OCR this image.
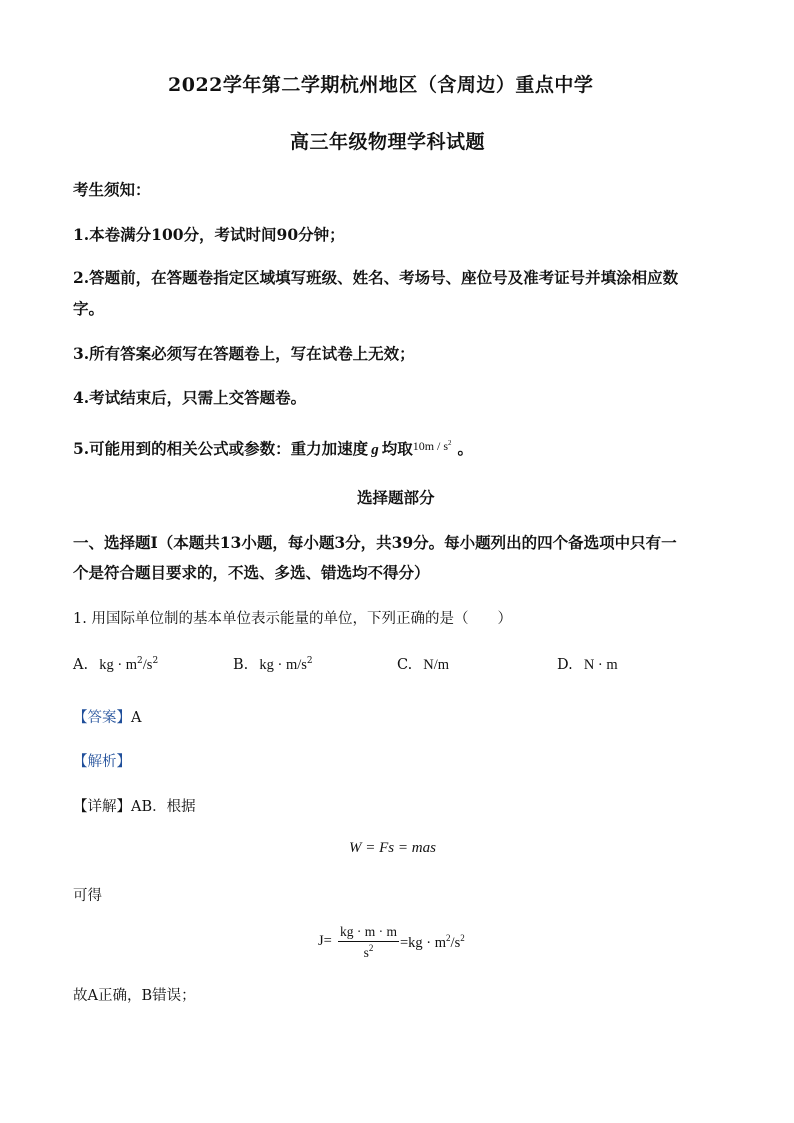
2022学年第二学期杭州地区（含周边）重点中学
高三年级物理学科试题
考生须知：
1.本卷满分100分，考试时间90分钟；
2.答题前，在答题卷指定区域填写班级、姓名、考场号、座位号及准考证号并填涂相应数
字。
3.所有答案必须写在答题卷上，写在试卷上无效；
4.考试结束后，只需上交答题卷。
5.可能用到的相关公式或参数：重力加速度 g 均取$^{10m / s^2}$ 。
选择题部分
一、选择题Ⅰ（本题共13小题，每小题3分，共39分。每小题列出的四个备选项中只有一
个是符合题目要求的，不选、多选、错选均不得分）
1. 用国际单位制的基本单位表示能量的单位，下列正确的是（　　）
A. kg · $m^2/s^2$	B. kg · $m/s^2$	C. N/m	D. N · m
【答案】A
【解析】
【详解】AB．根据
W = Fs = mas
可得
J=
kg · m · m
$s^2$	$=kg \cdot m^2/s^2$
故A正确，B错误；
